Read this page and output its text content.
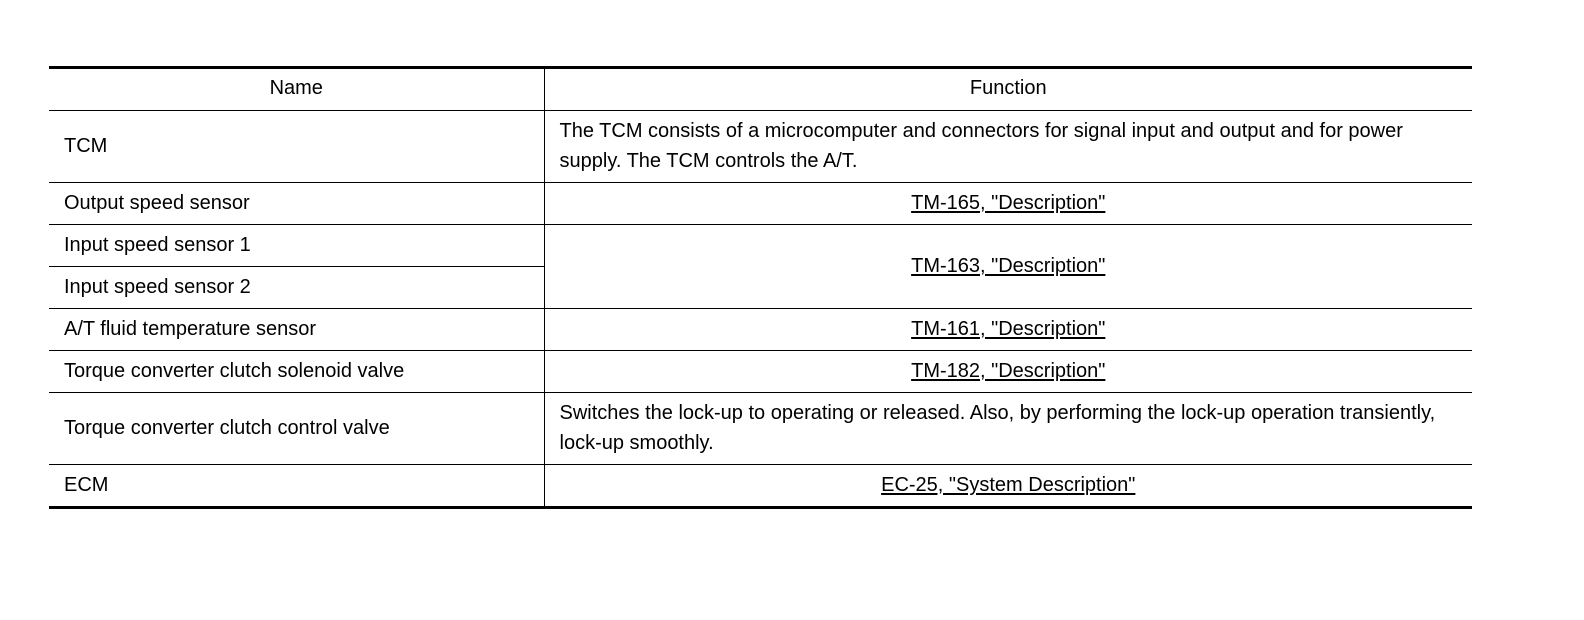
Name	Function
TCM	The TCM consists of a microcomputer and connectors for signal input and output and for power supply. The TCM controls the A/T.
Output speed sensor	TM-165, "Description"
Input speed sensor 1	TM-163, "Description"
Input speed sensor 2	
A/T fluid temperature sensor	TM-161, "Description"
Torque converter clutch solenoid valve	TM-182, "Description"
Torque converter clutch control valve	Switches the lock-up to operating or released. Also, by performing the lock-up operation transiently, lock-up smoothly.
ECM	EC-25, "System Description"
